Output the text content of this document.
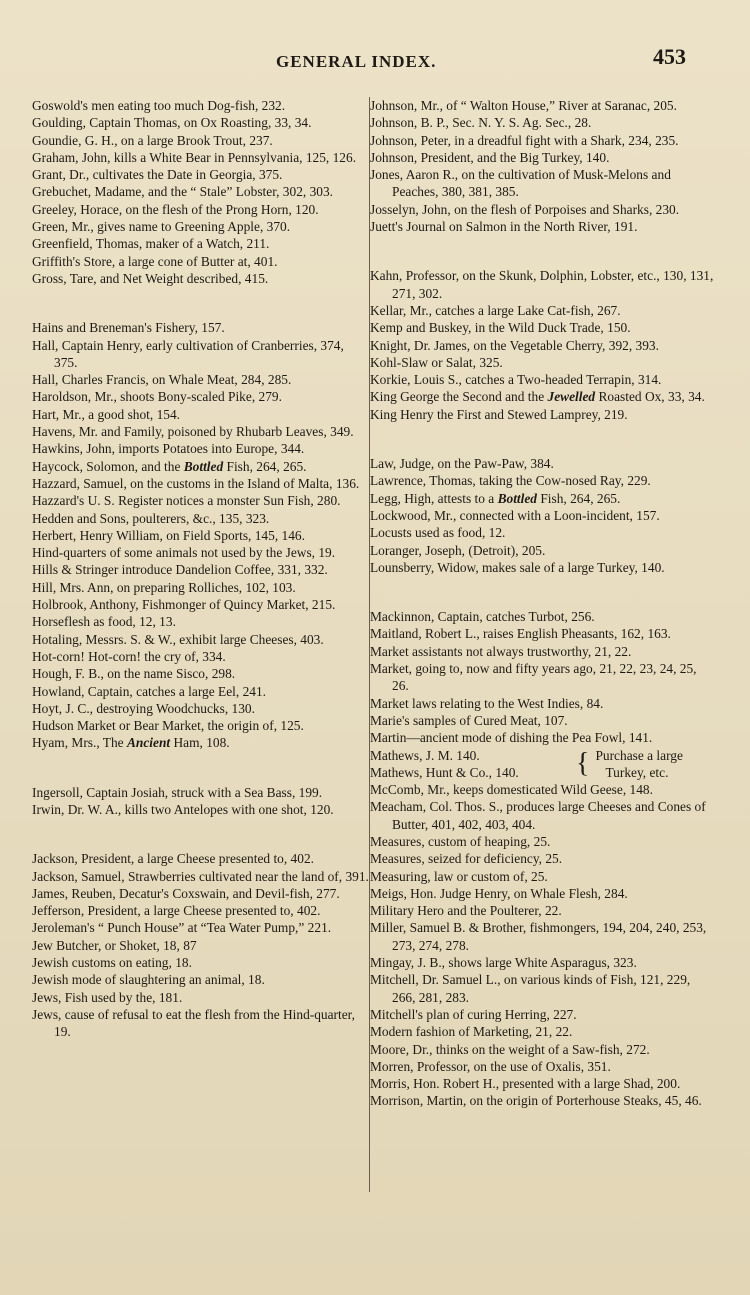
GENERAL INDEX.	453

Goswold's men eating too much Dog-fish, 232.

Goulding, Captain Thomas, on Ox Roasting, 33, 34.

Goundie, G. H., on a large Brook Trout, 237.

Graham, John, kills a White Bear in Pennsylvania, 125, 126.

Grant, Dr., cultivates the Date in Georgia, 375.

Grebuchet, Madame, and the “ Stale” Lobster, 302, 303.

Greeley, Horace, on the flesh of the Prong Horn, 120.

Green, Mr., gives name to Greening Apple, 370.

Greenfield, Thomas, maker of a Watch, 211.

Griffith's Store, a large cone of Butter at, 401.

Gross, Tare, and Net Weight described, 415.

Hains and Breneman's Fishery, 157.

Hall, Captain Henry, early cultivation of Cranberries, 374, 375.

Hall, Charles Francis, on Whale Meat, 284, 285.

Haroldson, Mr., shoots Bony-scaled Pike, 279.

Hart, Mr., a good shot, 154.

Havens, Mr. and Family, poisoned by Rhubarb Leaves, 349.

Hawkins, John, imports Potatoes into Europe, 344.

Haycock, Solomon, and the Bottled Fish, 264, 265.

Hazzard, Samuel, on the customs in the Island of Malta, 136.

Hazzard's U. S. Register notices a monster Sun Fish, 280.

Hedden and Sons, poulterers, &c., 135, 323.

Herbert, Henry William, on Field Sports, 145, 146.

Hind-quarters of some animals not used by the Jews, 19.

Hills & Stringer introduce Dandelion Coffee, 331, 332.

Hill, Mrs. Ann, on preparing Rolliches, 102, 103.

Holbrook, Anthony, Fishmonger of Quincy Market, 215.

Horseflesh as food, 12, 13.

Hotaling, Messrs. S. & W., exhibit large Cheeses, 403.

Hot-corn! Hot-corn! the cry of, 334.

Hough, F. B., on the name Sisco, 298.

Howland, Captain, catches a large Eel, 241.

Hoyt, J. C., destroying Woodchucks, 130.

Hudson Market or Bear Market, the origin of, 125.

Hyam, Mrs., The Ancient Ham, 108.

Ingersoll, Captain Josiah, struck with a Sea Bass, 199.

Irwin, Dr. W. A., kills two Antelopes with one shot, 120.

Jackson, President, a large Cheese presented to, 402.

Jackson, Samuel, Strawberries cultivated near the land of, 391.

James, Reuben, Decatur's Coxswain, and Devil-fish, 277.

Jefferson, President, a large Cheese presented to, 402.

Jeroleman's “ Punch House” at “Tea Water Pump,” 221.

Jew Butcher, or Shoket, 18, 87

Jewish customs on eating, 18.

Jewish mode of slaughtering an animal, 18.

Jews, Fish used by the, 181.

Jews, cause of refusal to eat the flesh from the Hind-quarter, 19.

Johnson, Mr., of “ Walton House,” River at Saranac, 205.

Johnson, B. P., Sec. N. Y. S. Ag. Sec., 28.

Johnson, Peter, in a dreadful fight with a Shark, 234, 235.

Johnson, President, and the Big Turkey, 140.

Jones, Aaron R., on the cultivation of Musk-Melons and Peaches, 380, 381, 385.

Josselyn, John, on the flesh of Porpoises and Sharks, 230.

Juett's Journal on Salmon in the North River, 191.

Kahn, Professor, on the Skunk, Dolphin, Lobster, etc., 130, 131, 271, 302.

Kellar, Mr., catches a large Lake Cat-fish, 267.

Kemp and Buskey, in the Wild Duck Trade, 150.

Knight, Dr. James, on the Vegetable Cherry, 392, 393.

Kohl-Slaw or Salat, 325.

Korkie, Louis S., catches a Two-headed Terrapin, 314.

King George the Second and the Jewelled Roasted Ox, 33, 34.

King Henry the First and Stewed Lamprey, 219.

Law, Judge, on the Paw-Paw, 384.

Lawrence, Thomas, taking the Cow-nosed Ray, 229.

Legg, High, attests to a Bottled Fish, 264, 265.

Lockwood, Mr., connected with a Loon-incident, 157.

Locusts used as food, 12.

Loranger, Joseph, (Detroit), 205.

Lounsberry, Widow, makes sale of a large Turkey, 140.

Mackinnon, Captain, catches Turbot, 256.

Maitland, Robert L., raises English Pheasants, 162, 163.

Market assistants not always trustworthy, 21, 22.

Market, going to, now and fifty years ago, 21, 22, 23, 24, 25, 26.

Market laws relating to the West Indies, 84.

Marie's samples of Cured Meat, 107.

Martin—ancient mode of dishing the Pea Fowl, 141.

Mathews, J. M. 140.
Mathews, Hunt & Co., 140.	{ Purchase a large
Turkey, etc.

McComb, Mr., keeps domesticated Wild Geese, 148.

Meacham, Col. Thos. S., produces large Cheeses and Cones of Butter, 401, 402, 403, 404.

Measures, custom of heaping, 25.

Measures, seized for deficiency, 25.

Measuring, law or custom of, 25.

Meigs, Hon. Judge Henry, on Whale Flesh, 284.

Military Hero and the Poulterer, 22.

Miller, Samuel B. & Brother, fishmongers, 194, 204, 240, 253, 273, 274, 278.

Mingay, J. B., shows large White Asparagus, 323.

Mitchell, Dr. Samuel L., on various kinds of Fish, 121, 229, 266, 281, 283.

Mitchell's plan of curing Herring, 227.

Modern fashion of Marketing, 21, 22.

Moore, Dr., thinks on the weight of a Saw-fish, 272.

Morren, Professor, on the use of Oxalis, 351.

Morris, Hon. Robert H., presented with a large Shad, 200.

Morrison, Martin, on the origin of Porterhouse Steaks, 45, 46.
